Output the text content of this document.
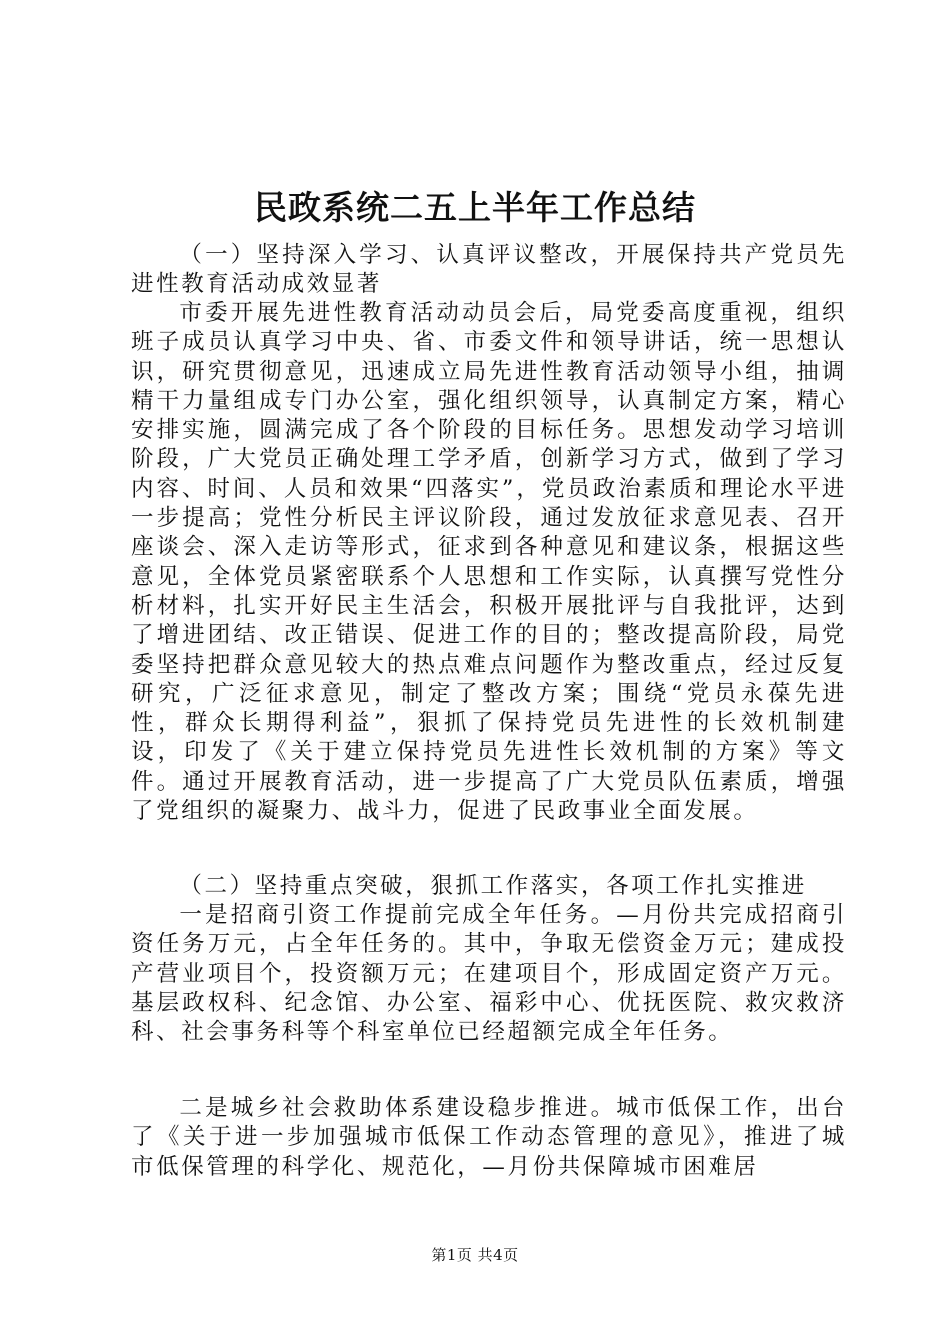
民政系统二五上半年工作总结

（一）坚持深入学习、认真评议整改，开展保持共产党员先进性教育活动成效显著

市委开展先进性教育活动动员会后，局党委高度重视，组织班子成员认真学习中央、省、市委文件和领导讲话，统一思想认识，研究贯彻意见，迅速成立局先进性教育活动领导小组，抽调精干力量组成专门办公室，强化组织领导，认真制定方案，精心安排实施，圆满完成了各个阶段的目标任务。思想发动学习培训阶段，广大党员正确处理工学矛盾，创新学习方式，做到了学习内容、时间、人员和效果“四落实”，党员政治素质和理论水平进一步提高；党性分析民主评议阶段，通过发放征求意见表、召开座谈会、深入走访等形式，征求到各种意见和建议条，根据这些意见，全体党员紧密联系个人思想和工作实际，认真撰写党性分析材料，扎实开好民主生活会，积极开展批评与自我批评，达到了增进团结、改正错误、促进工作的目的；整改提高阶段，局党委坚持把群众意见较大的热点难点问题作为整改重点，经过反复研究，广泛征求意见，制定了整改方案；围绕“党员永葆先进性，群众长期得利益”，狠抓了保持党员先进性的长效机制建设，印发了《关于建立保持党员先进性长效机制的方案》等文件。通过开展教育活动，进一步提高了广大党员队伍素质，增强了党组织的凝聚力、战斗力，促进了民政事业全面发展。

（二）坚持重点突破，狠抓工作落实，各项工作扎实推进

一是招商引资工作提前完成全年任务。—月份共完成招商引资任务万元，占全年任务的。其中，争取无偿资金万元；建成投产营业项目个，投资额万元；在建项目个，形成固定资产万元。基层政权科、纪念馆、办公室、福彩中心、优抚医院、救灾救济科、社会事务科等个科室单位已经超额完成全年任务。

二是城乡社会救助体系建设稳步推进。城市低保工作，出台了《关于进一步加强城市低保工作动态管理的意见》，推进了城市低保管理的科学化、规范化，—月份共保障城市困难居

第1页 共4页
